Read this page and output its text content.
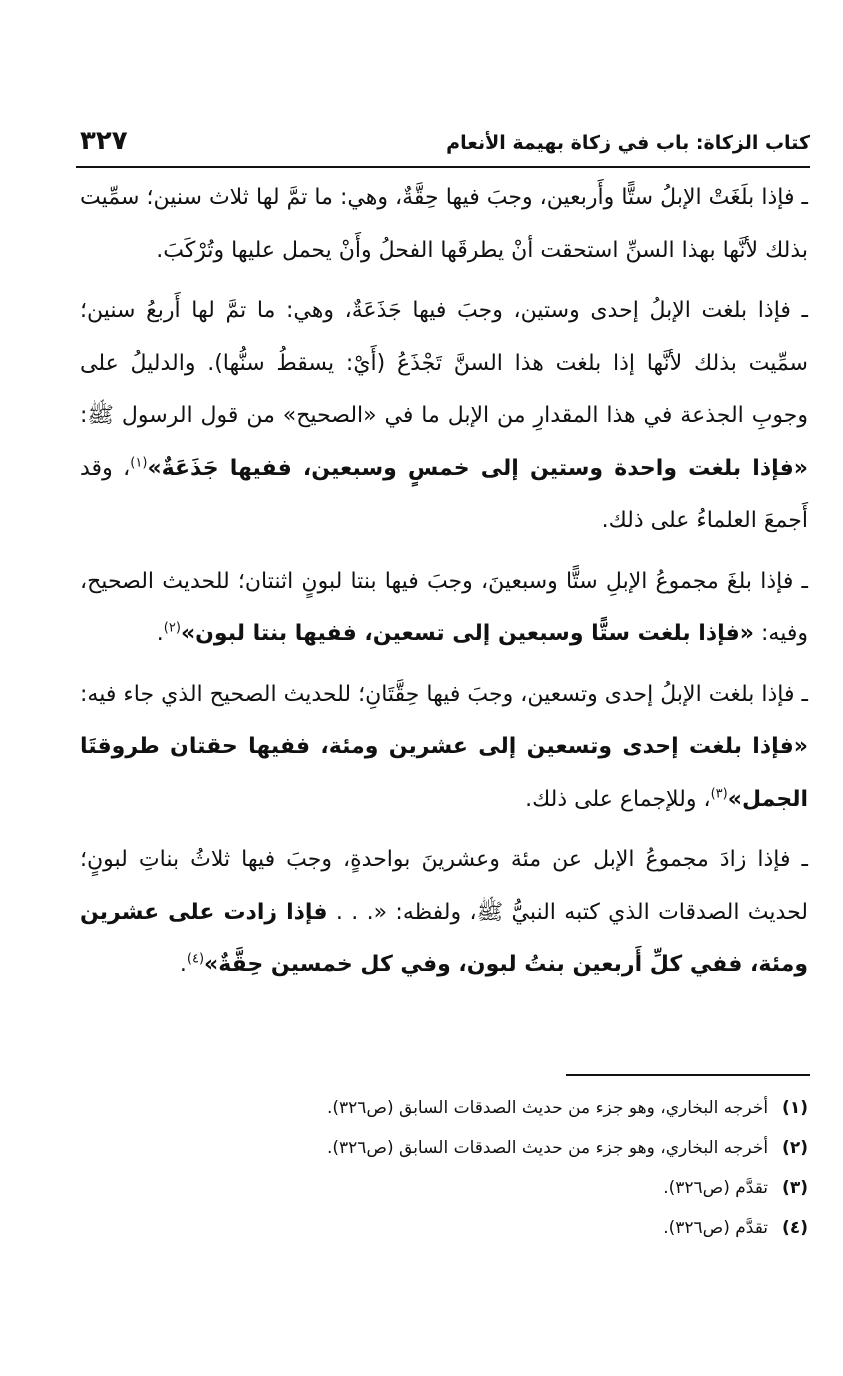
كتاب الزكاة: باب في زكاة بهيمة الأنعام
٣٢٧

ـ فإذا بلَغَتْ الإبلُ ستًّا وأَربعين، وجبَ فيها حِقَّةٌ، وهي: ما تمَّ لها ثلاث سنين؛ سمِّيت بذلك لأنَّها بهذا السنِّ استحقت أنْ يطرقَها الفحلُ وأَنْ يحمل عليها وتُرْكَبَ.

ـ فإذا بلغت الإبلُ إحدى وستين، وجبَ فيها جَذَعَةٌ، وهي: ما تمَّ لها أَربعُ سنين؛ سمِّيت بذلك لأنَّها إذا بلغت هذا السنَّ تَجْذَعُ (أَيْ: يسقطُ سنُّها). والدليلُ على وجوبِ الجذعة في هذا المقدارِ من الإبل ما في «الصحيح» من قول الرسول ﷺ: «فإذا بلغت واحدة وستين إلى خمسٍ وسبعين، ففيها جَذَعَةٌ»$^{(١)}$، وقد أَجمعَ العلماءُ على ذلك.

ـ فإذا بلغَ مجموعُ الإبلِ ستًّا وسبعينَ، وجبَ فيها بنتا لبونٍ اثنتان؛ للحديث الصحيح، وفيه: «فإذا بلغت ستًّا وسبعين إلى تسعين، ففيها بنتا لبون»$^{(٢)}$.

ـ فإذا بلغت الإبلُ إحدى وتسعين، وجبَ فيها حِقَّتَانِ؛ للحديث الصحيح الذي جاء فيه: «فإذا بلغت إحدى وتسعين إلى عشرين ومئة، ففيها حقتان طروقتَا الجمل»$^{(٣)}$، وللإجماع على ذلك.

ـ فإذا زادَ مجموعُ الإبل عن مئة وعشرينَ بواحدةٍ، وجبَ فيها ثلاثُ بناتِ لبونٍ؛ لحديث الصدقات الذي كتبه النبيُّ ﷺ، ولفظه: «. . . فإذا زادت على عشرين ومئة، ففي كلِّ أَربعين بنتُ لبون، وفي كل خمسين حِقَّةٌ»$^{(٤)}$.

(١)أخرجه البخاري، وهو جزء من حديث الصدقات السابق (ص٣٢٦).
(٢)أخرجه البخاري، وهو جزء من حديث الصدقات السابق (ص٣٢٦).
(٣)تقدَّم (ص٣٢٦).
(٤)تقدَّم (ص٣٢٦).
